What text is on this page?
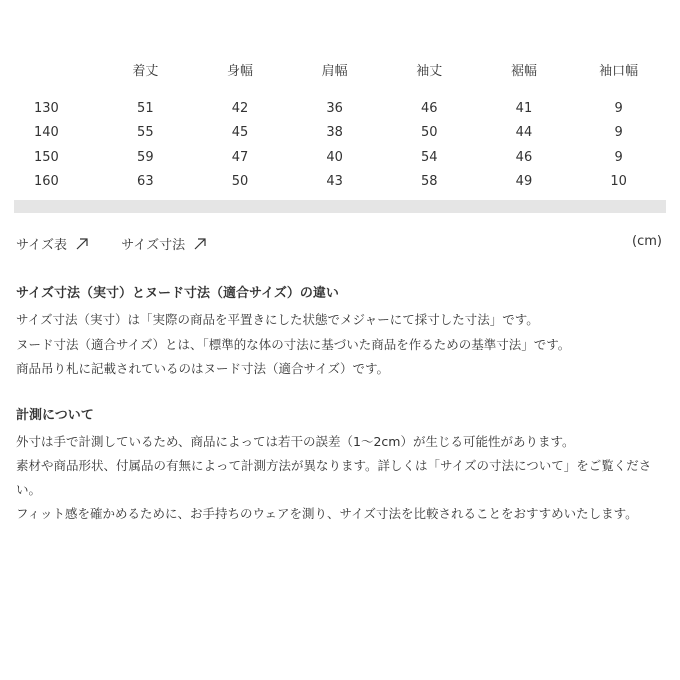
	着丈	身幅	肩幅	袖丈	裾幅	袖口幅

130	51	42	36	46	41	9
140	55	45	38	50	44	9
150	59	47	40	54	46	9
160	63	50	43	58	49	10
サイズ表
	サイズ寸法	(cm)
サイズ寸法（実寸）とヌード寸法（適合サイズ）の違い

サイズ寸法（実寸）は「実際の商品を平置きにした状態でメジャーにて採寸した寸法」です。

ヌード寸法（適合サイズ）とは、「標準的な体の寸法に基づいた商品を作るための基準寸法」です。

商品吊り札に記載されているのはヌード寸法（適合サイズ）です。

計測について

外寸は手で計測しているため、商品によっては若干の誤差（1〜2cm）が生じる可能性があります。

素材や商品形状、付属品の有無によって計測方法が異なります。詳しくは「サイズの寸法について」をご覧ください。

フィット感を確かめるために、お手持ちのウェアを測り、サイズ寸法を比較されることをおすすめいたします。
